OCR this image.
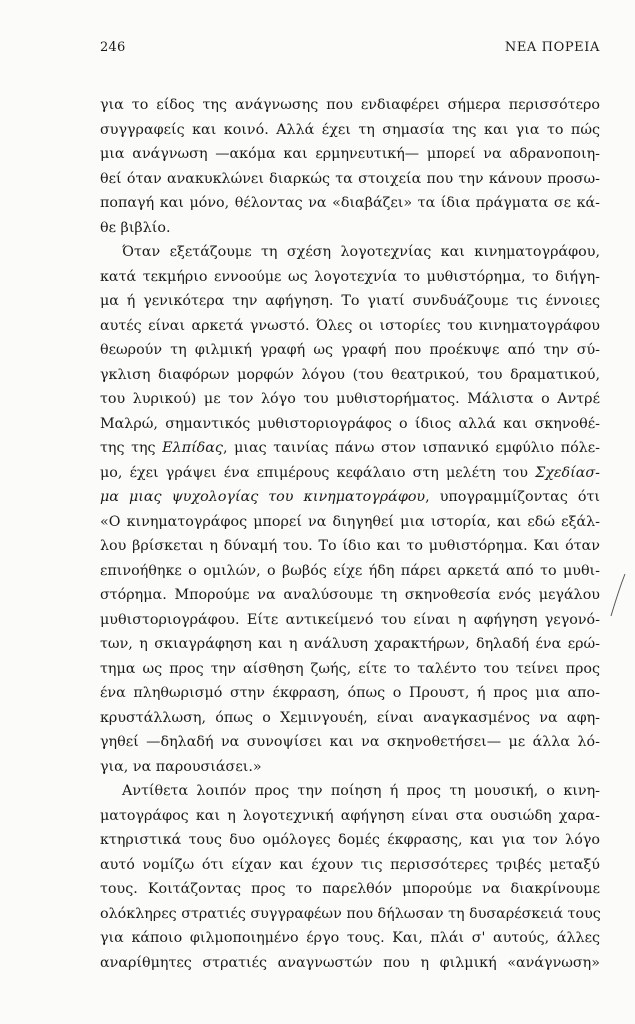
246	ΝΕΑ ΠΟΡΕΙΑ
για το είδος της ανάγνωσης που ενδιαφέρει σήμερα περισσότερο
συγγραφείς και κοινό. Αλλά έχει τη σημασία της και για το πώς
μια ανάγνωση —ακόμα και ερμηνευτική— μπορεί να αδρανοποιη-
θεί όταν ανακυκλώνει διαρκώς τα στοιχεία που την κάνουν προσω-
ποπαγή και μόνο, θέλοντας να «διαβάζει» τα ίδια πράγματα σε κά-
θε βιβλίο.
Όταν εξετάζουμε τη σχέση λογοτεχνίας και κινηματογράφου,
κατά τεκμήριο εννοούμε ως λογοτεχνία το μυθιστόρημα, το διήγη-
μα ή γενικότερα την αφήγηση. Το γιατί συνδυάζουμε τις έννοιες
αυτές είναι αρκετά γνωστό. Όλες οι ιστορίες του κινηματογράφου
θεωρούν τη φιλμική γραφή ως γραφή που προέκυψε από την σύ-
γκλιση διαφόρων μορφών λόγου (του θεατρικού, του δραματικού,
του λυρικού) με τον λόγο του μυθιστορήματος. Μάλιστα ο Αντρέ
Μαλρώ, σημαντικός μυθιστοριογράφος ο ίδιος αλλά και σκηνοθέ-
της της Ελπίδας, μιας ταινίας πάνω στον ισπανικό εμφύλιο πόλε-
μο, έχει γράψει ένα επιμέρους κεφάλαιο στη μελέτη του Σχεδίασ-
μα μιας ψυχολογίας του κινηματογράφου, υπογραμμίζοντας ότι
«Ο κινηματογράφος μπορεί να διηγηθεί μια ιστορία, και εδώ εξάλ-
λου βρίσκεται η δύναμή του. Το ίδιο και το μυθιστόρημα. Και όταν
επινοήθηκε ο ομιλών, ο βωβός είχε ήδη πάρει αρκετά από το μυθι-
στόρημα. Μπορούμε να αναλύσουμε τη σκηνοθεσία ενός μεγάλου
μυθιστοριογράφου. Είτε αντικείμενό του είναι η αφήγηση γεγονό-
των, η σκιαγράφηση και η ανάλυση χαρακτήρων, δηλαδή ένα ερώ-
τημα ως προς την αίσθηση ζωής, είτε το ταλέντο του τείνει προς
ένα πληθωρισμό στην έκφραση, όπως ο Προυστ, ή προς μια απο-
κρυστάλλωση, όπως ο Χεμινγουέη, είναι αναγκασμένος να αφη-
γηθεί —δηλαδή να συνοψίσει και να σκηνοθετήσει— με άλλα λό-
για, να παρουσιάσει.»
Αντίθετα λοιπόν προς την ποίηση ή προς τη μουσική, ο κινη-
ματογράφος και η λογοτεχνική αφήγηση είναι στα ουσιώδη χαρα-
κτηριστικά τους δυο ομόλογες δομές έκφρασης, και για τον λόγο
αυτό νομίζω ότι είχαν και έχουν τις περισσότερες τριβές μεταξύ
τους. Κοιτάζοντας προς το παρελθόν μπορούμε να διακρίνουμε
ολόκληρες στρατιές συγγραφέων που δήλωσαν τη δυσαρέσκειά τους
για κάποιο φιλμοποιημένο έργο τους. Και, πλάι σ' αυτούς, άλλες
αναρίθμητες στρατιές αναγνωστών που η φιλμική «ανάγνωση»
